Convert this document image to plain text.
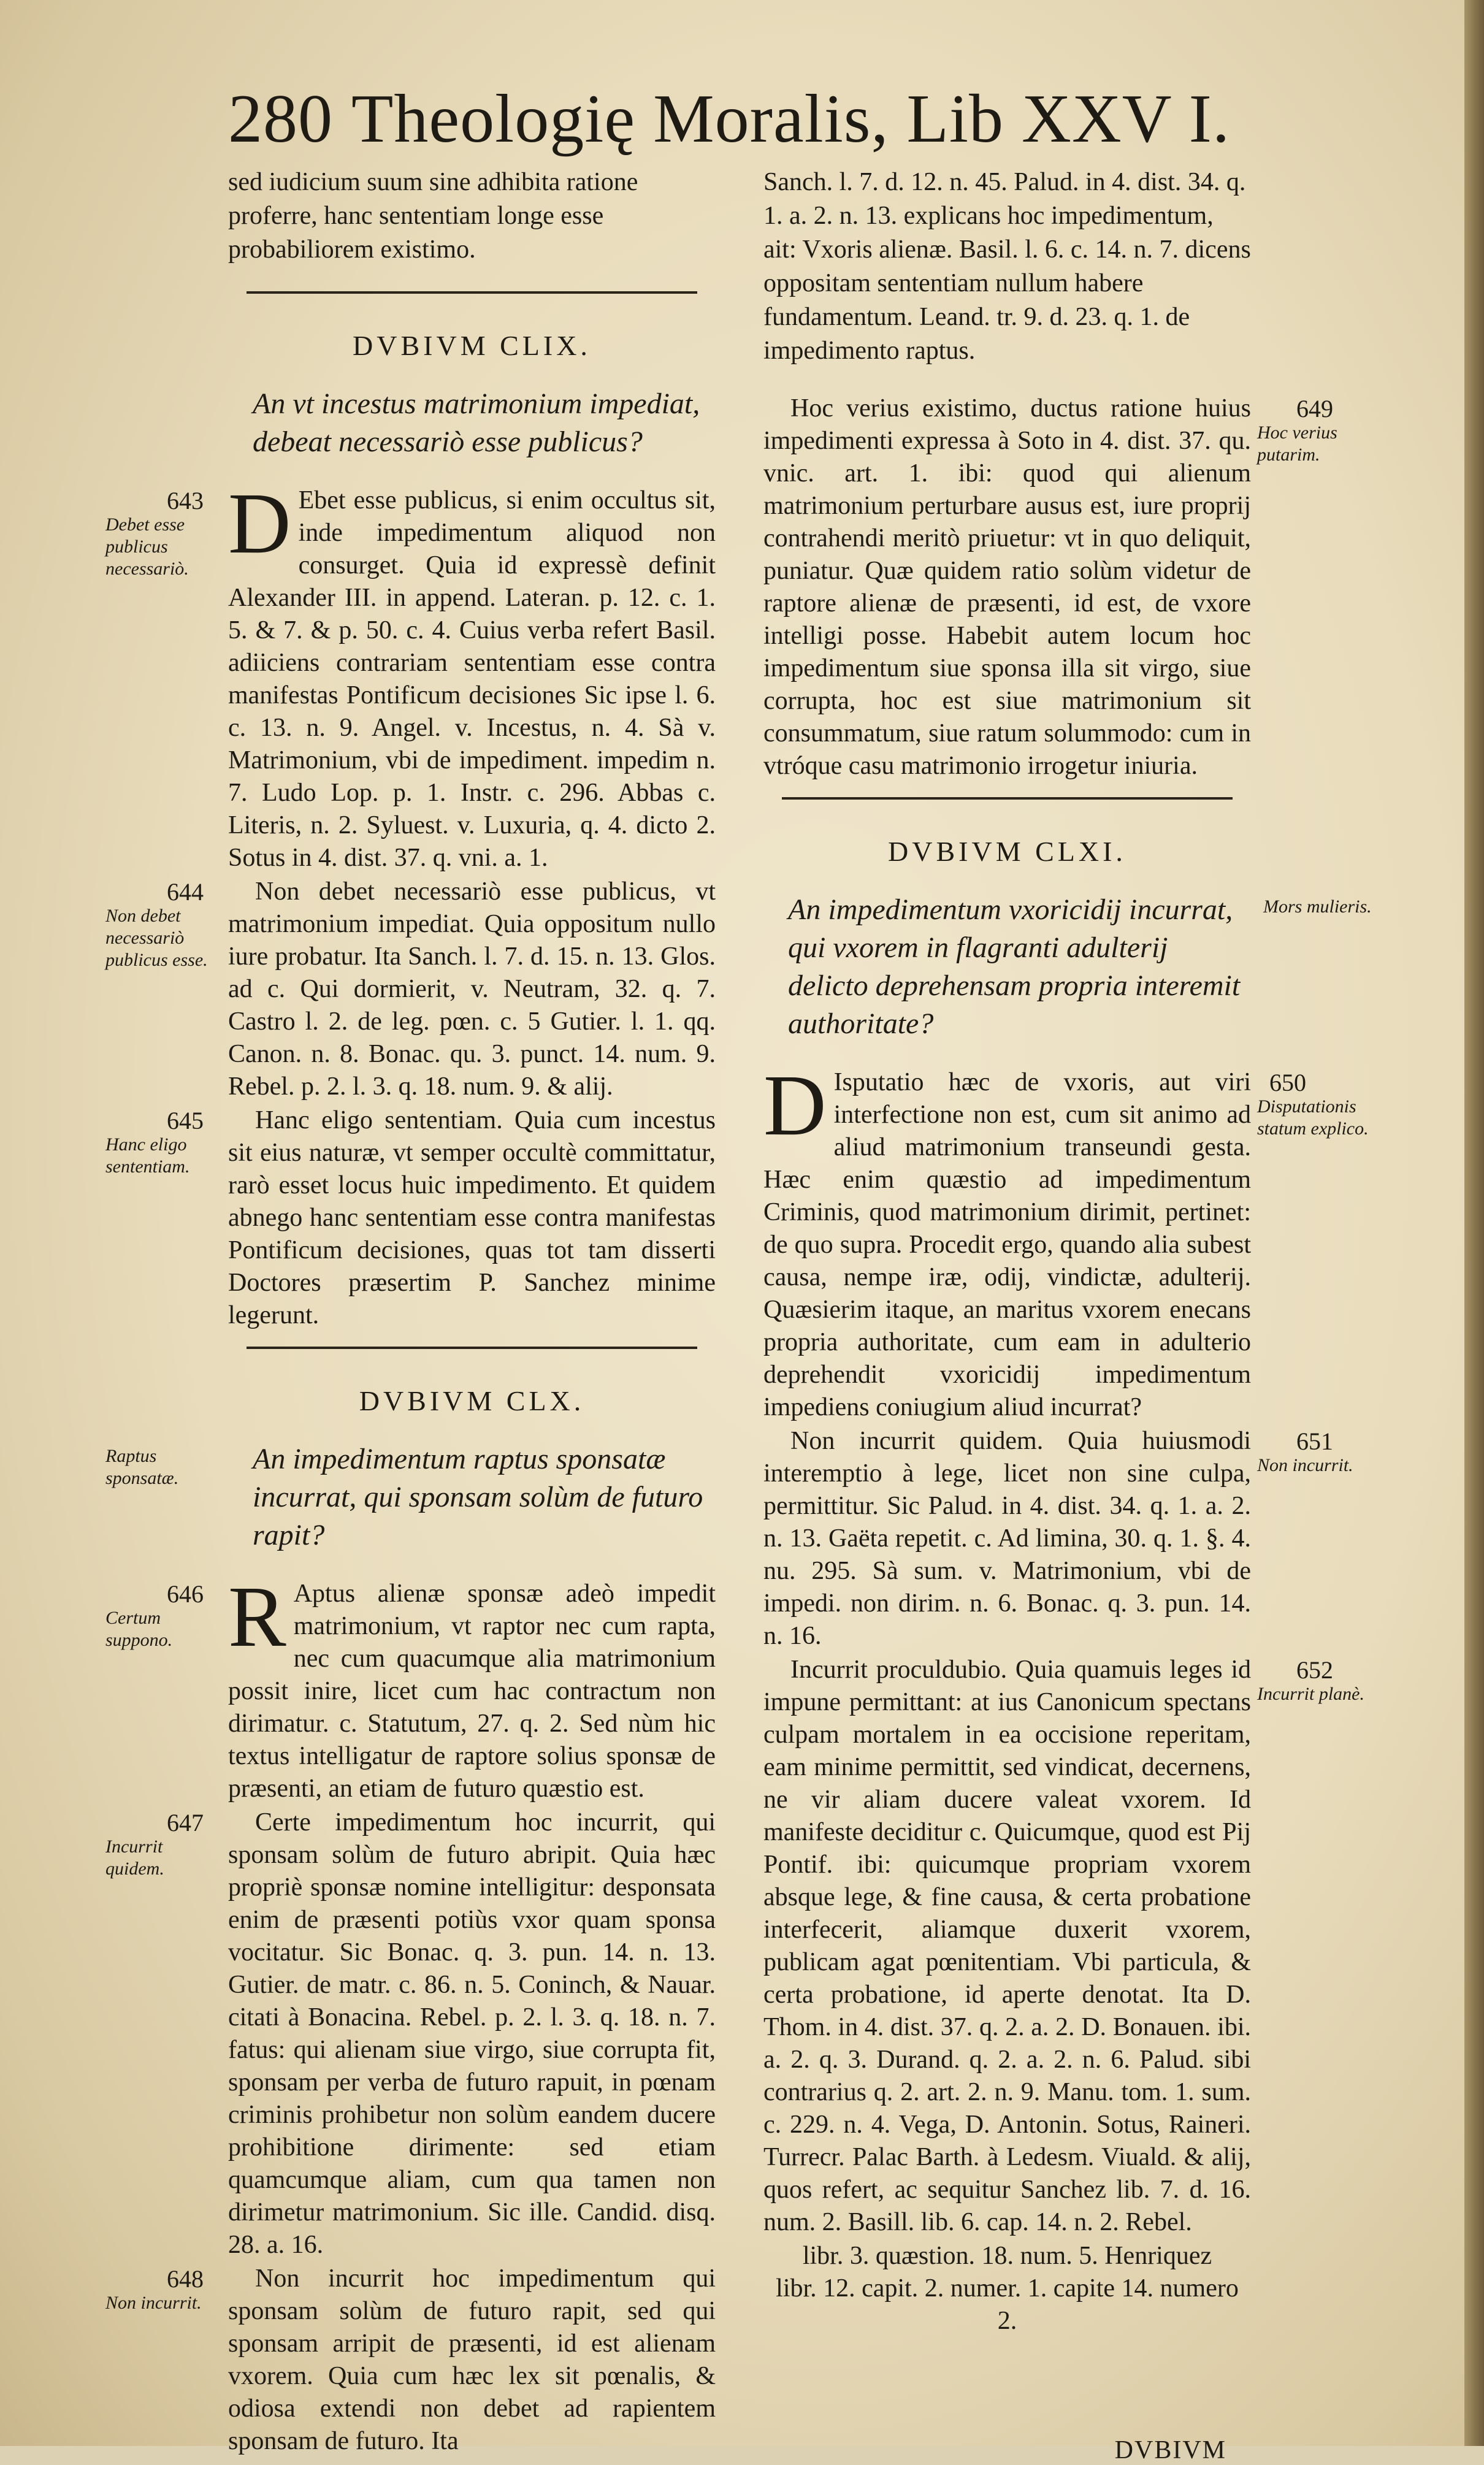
280 Theologię Moralis, Lib XXV I.

sed iudicium suum sine adhibita ratione proferre, hanc sententiam longe esse probabiliorem existimo.

DVBIVM CLIX.
An vt incestus matrimonium impediat, debeat necessariò esse publicus?
643
Debet esse publicus necessariò. D Ebet esse publicus, si enim occultus sit, inde impedimentum aliquod non consurget. Quia id expressè definit Alexander III. in append. Lateran. p. 12. c. 1. 5. & 7. & p. 50. c. 4. Cuius verba refert Basil. adiiciens contrariam sententiam esse contra manifestas Pontificum decisiones Sic ipse l. 6. c. 13. n. 9. Angel. v. Incestus, n. 4. Sà v. Matrimonium, vbi de impediment. impedim n. 7. Ludo Lop. p. 1. Instr. c. 296. Abbas c. Literis, n. 2. Syluest. v. Luxuria, q. 4. dicto 2. Sotus in 4. dist. 37. q. vni. a. 1.
644
Non debet necessariò publicus esse.
Non debet necessariò esse publicus, vt matrimonium impediat. Quia oppositum nullo iure probatur. Ita Sanch. l. 7. d. 15. n. 13. Glos. ad c. Qui dormierit, v. Neutram, 32. q. 7. Castro l. 2. de leg. pœn. c. 5 Gutier. l. 1. qq. Canon. n. 8. Bonac. qu. 3. punct. 14. num. 9. Rebel. p. 2. l. 3. q. 18. num. 9. & alij.
645
Hanc eligo sententiam.
Hanc eligo sententiam. Quia cum incestus sit eius naturæ, vt semper occultè committatur, rarò esset locus huic impedimento. Et quidem abnego hanc sententiam esse contra manifestas Pontificum decisiones, quas tot tam disserti Doctores præsertim P. Sanchez minime legerunt.
DVBIVM CLX.
Raptus sponsatæ.
An impedimentum raptus sponsatæ incurrat, qui sponsam solùm de futuro rapit?
646
Certum suppono. R Aptus alienæ sponsæ adeò impedit matrimonium, vt raptor nec cum rapta, nec cum quacumque alia matrimonium possit inire, licet cum hac contractum non dirimatur. c. Statutum, 27. q. 2. Sed nùm hic textus intelligatur de raptore solius sponsæ de præsenti, an etiam de futuro quæstio est.
647
Incurrit quidem.
Certe impedimentum hoc incurrit, qui sponsam solùm de futuro abripit. Quia hæc propriè sponsæ nomine intelligitur: desponsata enim de præsenti potiùs vxor quam sponsa vocitatur. Sic Bonac. q. 3. pun. 14. n. 13. Gutier. de matr. c. 86. n. 5. Coninch, & Nauar. citati à Bonacina. Rebel. p. 2. l. 3. q. 18. n. 7. fatus: qui alienam siue virgo, siue corrupta fit, sponsam per verba de futuro rapuit, in pœnam criminis prohibetur non solùm eandem ducere prohibitione dirimente: sed etiam quamcumque aliam, cum qua tamen non dirimetur matrimonium. Sic ille. Candid. disq. 28. a. 16.
648
Non incurrit.
Non incurrit hoc impedimentum qui sponsam solùm de futuro rapit, sed qui sponsam arripit de præsenti, id est alienam vxorem. Quia cum hæc lex sit pœnalis, & odiosa extendi non debet ad rapientem sponsam de futuro. Ita

Sanch. l. 7. d. 12. n. 45. Palud. in 4. dist. 34. q. 1. a. 2. n. 13. explicans hoc impedimentum, ait: Vxoris alienæ. Basil. l. 6. c. 14. n. 7. dicens oppositam sententiam nullum habere fundamentum. Leand. tr. 9. d. 23. q. 1. de impedimento raptus.

649
Hoc verius putarim.
Hoc verius existimo, ductus ratione huius impedimenti expressa à Soto in 4. dist. 37. qu. vnic. art. 1. ibi: quod qui alienum matrimonium perturbare ausus est, iure proprij contrahendi meritò priuetur: vt in quo deliquit, puniatur. Quæ quidem ratio solùm videtur de raptore alienæ de præsenti, id est, de vxore intelligi posse. Habebit autem locum hoc impedimentum siue sponsa illa sit virgo, siue corrupta, hoc est siue matrimonium sit consummatum, siue ratum solummodo: cum in vtróque casu matrimonio irrogetur iniuria.
DVBIVM CLXI.
Mors mulieris.
An impedimentum vxoricidij incurrat, qui vxorem in flagranti adulterij delicto deprehensam propria interemit authoritate?
650
Disputationis statum explico.
D Isputatio hæc de vxoris, aut viri interfectione non est, cum sit animo ad aliud matrimonium transeundi gesta. Hæc enim quæstio ad impedimentum Criminis, quod matrimonium dirimit, pertinet: de quo supra. Procedit ergo, quando alia subest causa, nempe iræ, odij, vindictæ, adulterij. Quæsierim itaque, an maritus vxorem enecans propria authoritate, cum eam in adulterio deprehendit vxoricidij impedimentum impediens coniugium aliud incurrat?
651
Non incurrit.
Non incurrit quidem. Quia huiusmodi interemptio à lege, licet non sine culpa, permittitur. Sic Palud. in 4. dist. 34. q. 1. a. 2. n. 13. Gaëta repetit. c. Ad limina, 30. q. 1. §. 4. nu. 295. Sà sum. v. Matrimonium, vbi de impedi. non dirim. n. 6. Bonac. q. 3. pun. 14. n. 16.
652
Incurrit planè.
Incurrit proculdubio. Quia quamuis leges id impune permittant: at ius Canonicum spectans culpam mortalem in ea occisione reperitam, eam minime permittit, sed vindicat, decernens, ne vir aliam ducere valeat vxorem. Id manifeste deciditur c. Quicumque, quod est Pij Pontif. ibi: quicumque propriam vxorem absque lege, & fine causa, & certa probatione interfecerit, aliamque duxerit vxorem, publicam agat pœnitentiam. Vbi particula, & certa probatione, id aperte denotat. Ita D. Thom. in 4. dist. 37. q. 2. a. 2. D. Bonauen. ibi. a. 2. q. 3. Durand. q. 2. a. 2. n. 6. Palud. sibi contrarius q. 2. art. 2. n. 9. Manu. tom. 1. sum. c. 229. n. 4. Vega, D. Antonin. Sotus, Raineri. Turrecr. Palac Barth. à Ledesm. Viuald. & alij, quos refert, ac sequitur Sanchez lib. 7. d. 16. num. 2. Basill. lib. 6. cap. 14. n. 2. Rebel.

libr. 3. quæstion. 18. num. 5. Henriquez

libr. 12. capit. 2. numer. 1. capite 14. numero 2.

DVBIVM
